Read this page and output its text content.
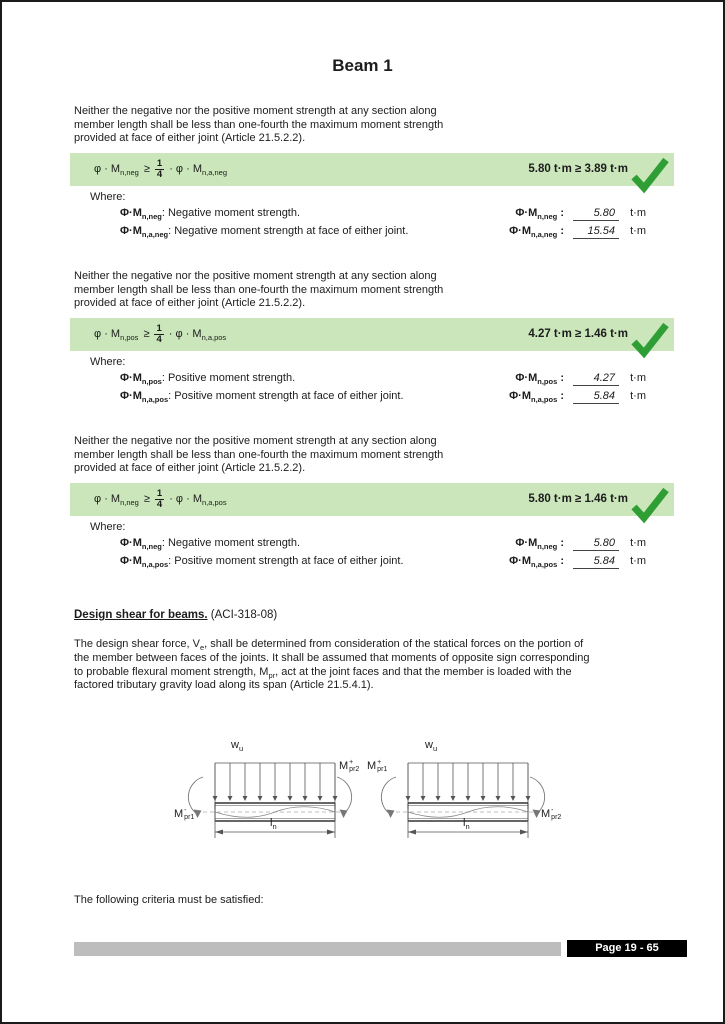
Beam 1
Neither the negative nor the positive moment strength at any section along
member length shall be less than one-fourth the maximum moment strength
provided at face of either joint (Article 21.5.2.2).
$\varphi \cdot M_{n,neg} \ge \frac{1}{4} \cdot \varphi \cdot M_{n,a,neg}$	5.80 t·m ≥ 3.89 t·m
Where:
$\Phi\cdot M_{n,neg}$: Negative moment strength.	$\Phi\cdot M_{n,neg}$ :	5.80	t·m
$\Phi\cdot M_{n,a,neg}$: Negative moment strength at face of either joint.	$\Phi\cdot M_{n,a,neg}$ :	15.54	t·m
Neither the negative nor the positive moment strength at any section along
member length shall be less than one-fourth the maximum moment strength
provided at face of either joint (Article 21.5.2.2).
$\varphi \cdot M_{n,pos} \ge \frac{1}{4} \cdot \varphi \cdot M_{n,a,pos}$	4.27 t·m ≥ 1.46 t·m
Where:
$\Phi\cdot M_{n,pos}$: Positive moment strength.	$\Phi\cdot M_{n,pos}$ :	4.27	t·m
$\Phi\cdot M_{n,a,pos}$: Positive moment strength at face of either joint.	$\Phi\cdot M_{n,a,pos}$ :	5.84	t·m
Neither the negative nor the positive moment strength at any section along
member length shall be less than one-fourth the maximum moment strength
provided at face of either joint (Article 21.5.2.2).
$\varphi \cdot M_{n,neg} \ge \frac{1}{4} \cdot \varphi \cdot M_{n,a,pos}$	5.80 t·m ≥ 1.46 t·m
Where:
$\Phi\cdot M_{n,neg}$: Negative moment strength.	$\Phi\cdot M_{n,neg}$ :	5.80	t·m
$\Phi\cdot M_{n,a,pos}$: Positive moment strength at face of either joint.	$\Phi\cdot M_{n,a,pos}$ :	5.84	t·m
Design shear for beams. (ACI-318-08)
The design shear force, $V_e$, shall be determined from consideration of the statical forces on the portion of
the member between faces of the joints. It shall be assumed that moments of opposite sign corresponding
to probable flexural moment strength, $M_{pr}$, act at the joint faces and that the member is loaded with the
factored tributary gravity load along its span (Article 21.5.4.1).
$w_u$
M -
pr1
M +
pr2
$l_n$
$w_u$
M +
pr1
M -
pr2
$l_n$
The following criteria must be satisfied:
Page 19 - 65
